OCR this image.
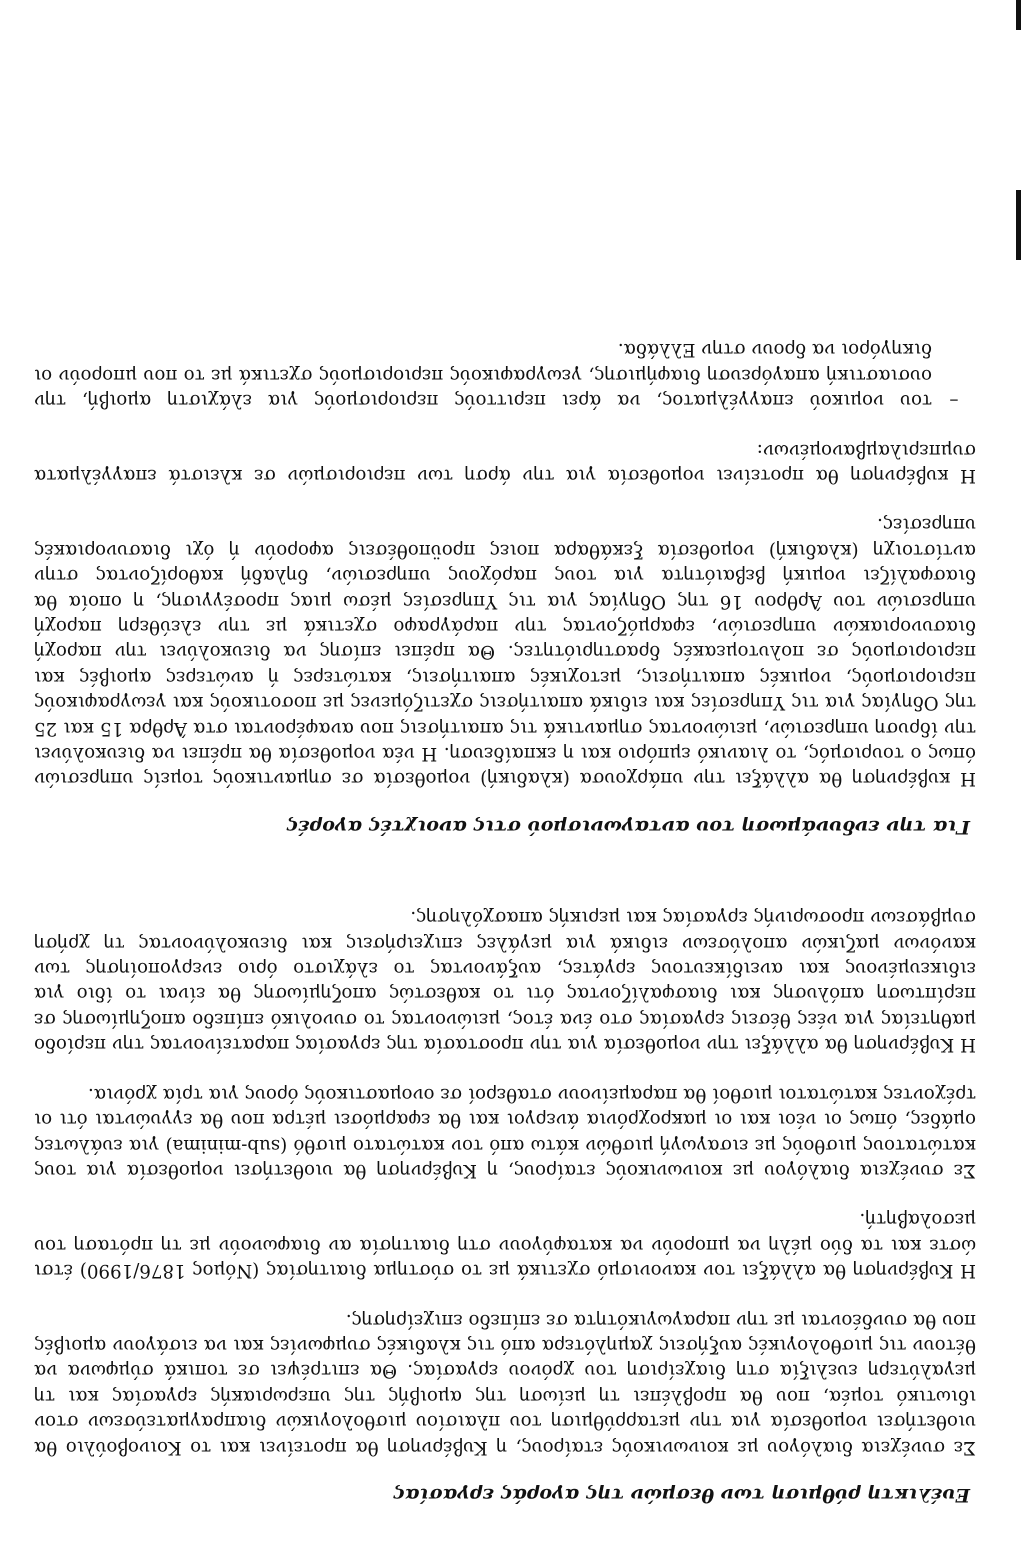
Ευέλικτη ρύθμιση των θεσμών της αγοράς εργασίας
Σε συνέχεια διαλόγου με κοινωνικούς εταίρους, η Κυβέρνηση θα προτείνει και το Κοινοβούλιο θα υιοθετήσει νομοθεσία για την μεταρρύθμιση του πλαισίου μισθολογικών διαπραγματεύσεων στον ιδιωτικό τομέα, που θα προβλέπει τη μείωση της αμοιβής της υπερωριακής εργασίας και τη μεγαλύτερη ευελιξία στη διαχείριση του χρόνου εργασίας. Θα επιτρέψει σε τοπικά σύμφωνα να θέτουν τις μισθολογικές αυξήσεις χαμηλότερα από τις κλαδικές συμφωνίες και να εισάγουν αμοιβές που θα συνδέονται με την παραγωγικότητα σε επίπεδο επιχείρησης.
Η Κυβέρνηση θα αλλάξει τον κανονισμό σχετικά με το σύστημα διαιτησίας (Νόμος 1876/1990) έτσι ώστε και τα δύο μέλη να μπορούν να καταφύγουν στη διαιτησία αν διαφωνούν με τη πρόταση του μεσολαβητή.
Σε συνέχεια διαλόγου με κοινωνικούς εταίρους, η Κυβέρνηση θα υιοθετήσει νομοθεσία για τους κατώτατους μισθούς με εισαγωγή μισθών κάτω από τον κατώτατο μισθό (sub-minima) για ευάλωτες ομάδες, όπως οι νέοι και οι μακροχρόνια άνεργοι και θα εφαρμόσει μέτρα που θα εγγυώνται ότι οι τρέχοντες κατώτατοι μισθοί θα παραμείνουν σταθεροί σε ονομαστικούς όρους για τρία χρόνια.
Η Κυβέρνηση θα αλλάξει την νομοθεσία για την προστασία της εργασίας παρατείνοντας την περίοδο μαθητείας για νέες θέσεις εργασίας στο ένα έτος, μειώνοντας το συνολικό επίπεδο αποζημίωσης σε περίπτωση απόλυσης και διασφαλίζοντας ότι το καθεστώς αποζημίωσης θα είναι το ίδιο για ειδικευμένους και ανειδίκευτους εργάτες, αυξάνοντας το ελάχιστο όριο ενεργοποίησης των κανόνων μαζικών απολύσεων ειδικά για μεγάλες επιχειρήσεις και διευκολύνοντας τη χρήση συμβάσεων προσωρινής εργασίας και μερικής απασχόλησης.
Για την ενδυνάμωση του ανταγωνισμού στις ανοιχτές αγορές
Η κυβέρνηση θα αλλάξει την υπάρχουσα (κλαδική) νομοθεσία σε σημαντικούς τομείς υπηρεσιών όπως ο τουρισμός, το λιανικό εμπόριο και η εκπαίδευση. Η νέα νομοθεσία θα πρέπει να διευκολύνει την ίδρυση υπηρεσιών, μειώνοντας σημαντικά τις απαιτήσεις που αναφέρονται στα Άρθρα 15 και 25 της Οδηγίας για τις Υπηρεσίες και ειδικά απαιτήσεις σχετιζόμενες με ποσοτικούς και γεωγραφικούς περιορισμούς, νομικές απαιτήσεις, μετοχικές απαιτήσεις, κατώτερες ή ανώτερες αμοιβές και περιορισμούς σε πολυτομεακές δραστηριότητες. Θα πρέπει επίσης να διευκολύνει την παροχή διασυνοριακών υπηρεσιών, εφαρμόζοντας την παράγραφο σχετικά με την ελεύθερη παροχή υπηρεσιών του Άρθρου 16 της Οδηγίας για τις Υπηρεσίες μέσω μιας προσέγγισης, η οποία θα διασφαλίζει νομική βεβαιότητα για τους παρόχους υπηρεσιών, δηλαδή καθορίζοντας στην αντίστοιχη (κλαδική) νομοθεσία ξεκάθαρα ποιες προϋποθέσεις αφορούν ή όχι διασυνοριακές υπηρεσίες.
Η κυβέρνηση θα προτείνει νομοθεσία για την άρση των περιορισμών σε κλειστά επαγγέλματα συμπεριλαμβανομένων:
–
του νομικού επαγγέλματος, να άρει περιττούς περιορισμούς για ελάχιστη αμοιβή, την ουσιαστική απαγόρευση διαφήμισης, γεωγραφικούς περιορισμούς σχετικά με το που μπορούν οι δικηγόροι να δρουν στην Ελλάδα.
